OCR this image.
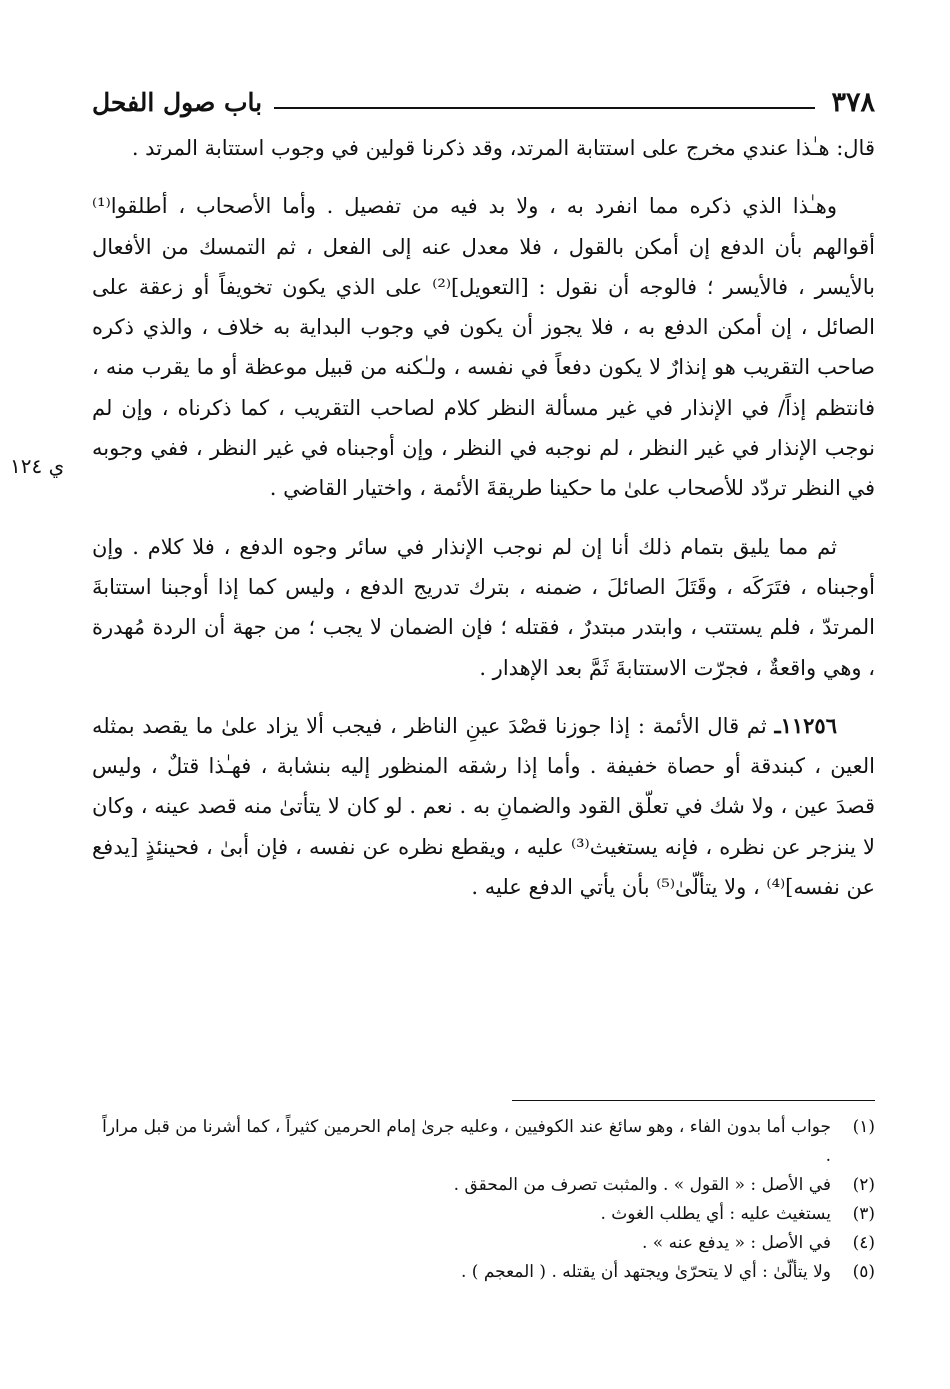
٣٧٨
باب صول الفحل
ي ١٢٤

قال: هـٰذا عندي مخرج على استتابة المرتد، وقد ذكرنا قولين في وجوب استتابة المرتد .

وهـٰذا الذي ذكره مما انفرد به ، ولا بد فيه من تفصيل . وأما الأصحاب ، أطلقوا⁽¹⁾ أقوالهم بأن الدفع إن أمكن بالقول ، فلا معدل عنه إلى الفعل ، ثم التمسك من الأفعال بالأيسر ، فالأيسر ؛ فالوجه أن نقول : [التعويل]⁽²⁾ على الذي يكون تخويفاً أو زعقة على الصائل ، إن أمكن الدفع به ، فلا يجوز أن يكون في وجوب البداية به خلاف ، والذي ذكره صاحب التقريب هو إنذارٌ لا يكون دفعاً في نفسه ، ولـٰكنه من قبيل موعظة أو ما يقرب منه ، فانتظم إذاً/ في الإنذار في غير مسألة النظر كلام لصاحب التقريب ، كما ذكرناه ، وإن لم نوجب الإنذار في غير النظر ، لم نوجبه في النظر ، وإن أوجبناه في غير النظر ، ففي وجوبه في النظر تردّد للأصحاب علىٰ ما حكينا طريقةَ الأئمة ، واختيار القاضي .

ثم مما يليق بتمام ذلك أنا إن لم نوجب الإنذار في سائر وجوه الدفع ، فلا كلام . وإن أوجبناه ، فتَرَكَه ، وقَتَلَ الصائلَ ، ضمنه ، بترك تدريج الدفع ، وليس كما إذا أوجبنا استتابةَ المرتدّ ، فلم يستتب ، وابتدر مبتدرٌ ، فقتله ؛ فإن الضمان لا يجب ؛ من جهة أن الردة مُهدرة ، وهي واقعةٌ ، فجرّت الاستتابةَ ثَمَّ بعد الإهدار .

١١٢٥٦ـ ثم قال الأئمة : إذا جوزنا قصْدَ عينِ الناظر ، فيجب ألا يزاد علىٰ ما يقصد بمثله العين ، كبندقة أو حصاة خفيفة . وأما إذا رشقه المنظور إليه بنشابة ، فهـٰذا قتلٌ ، وليس قصدَ عين ، ولا شك في تعلّق القود والضمانِ به . نعم . لو كان لا يتأتىٰ منه قصد عينه ، وكان لا ينزجر عن نظره ، فإنه يستغيث⁽³⁾ عليه ، ويقطع نظره عن نفسه ، فإن أبىٰ ، فحينئذٍ [يدفع عن نفسه]⁽⁴⁾ ، ولا يتألّىٰ⁽⁵⁾ بأن يأتي الدفع عليه .

(١)
جواب أما بدون الفاء ، وهو سائغ عند الكوفيين ، وعليه جرىٰ إمام الحرمين كثيراً ، كما أشرنا من قبل مراراً .
(٢)
في الأصل : « القول » . والمثبت تصرف من المحقق .
(٣)
يستغيث عليه : أي يطلب الغوث .
(٤)
في الأصل : « يدفع عنه » .
(٥)
ولا يتألّىٰ : أي لا يتحرّىٰ ويجتهد أن يقتله . ( المعجم ) .
